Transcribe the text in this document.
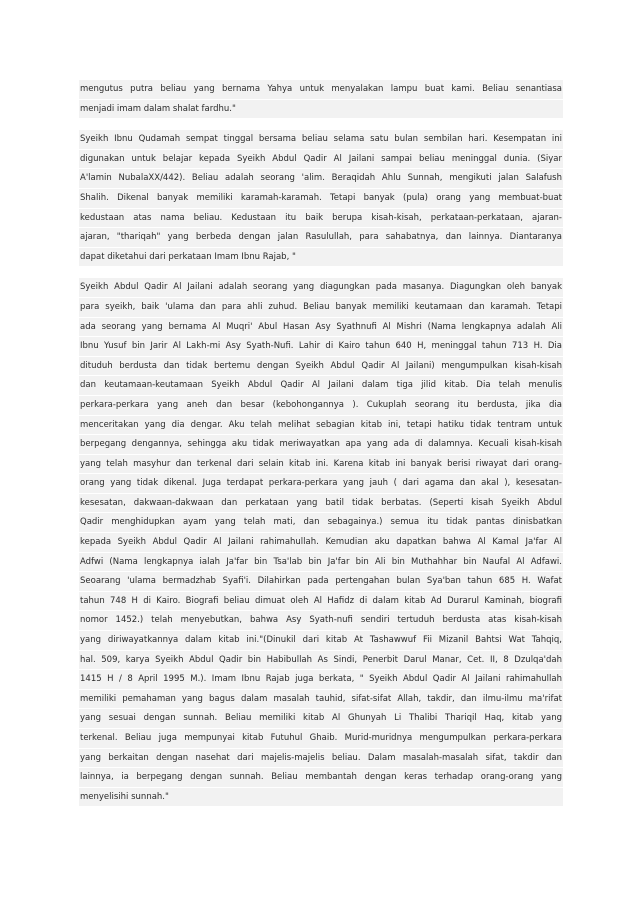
mengutus putra beliau yang bernama Yahya untuk menyalakan lampu buat kami. Beliau senantiasa
menjadi imam dalam shalat fardhu."
Syeikh Ibnu Qudamah sempat tinggal bersama beliau selama satu bulan sembilan hari. Kesempatan ini
digunakan untuk belajar kepada Syeikh Abdul Qadir Al Jailani sampai beliau meninggal dunia. (Siyar
A'lamin NubalaXX/442). Beliau adalah seorang 'alim. Beraqidah Ahlu Sunnah, mengikuti jalan Salafush
Shalih. Dikenal banyak memiliki karamah-karamah. Tetapi banyak (pula) orang yang membuat-buat
kedustaan atas nama beliau. Kedustaan itu baik berupa kisah-kisah, perkataan-perkataan, ajaran-
ajaran, "thariqah" yang berbeda dengan jalan Rasulullah, para sahabatnya, dan lainnya. Diantaranya
dapat diketahui dari perkataan Imam Ibnu Rajab, "
Syeikh Abdul Qadir Al Jailani adalah seorang yang diagungkan pada masanya. Diagungkan oleh banyak
para syeikh, baik 'ulama dan para ahli zuhud. Beliau banyak memiliki keutamaan dan karamah. Tetapi
ada seorang yang bernama Al Muqri' Abul Hasan Asy Syathnufi Al Mishri (Nama lengkapnya adalah Ali
Ibnu Yusuf bin Jarir Al Lakh-mi Asy Syath-Nufi. Lahir di Kairo tahun 640 H, meninggal tahun 713 H. Dia
dituduh berdusta dan tidak bertemu dengan Syeikh Abdul Qadir Al Jailani) mengumpulkan kisah-kisah
dan keutamaan-keutamaan Syeikh Abdul Qadir Al Jailani dalam tiga jilid kitab. Dia telah menulis
perkara-perkara yang aneh dan besar (kebohongannya ). Cukuplah seorang itu berdusta, jika dia
menceritakan yang dia dengar. Aku telah melihat sebagian kitab ini, tetapi hatiku tidak tentram untuk
berpegang dengannya, sehingga aku tidak meriwayatkan apa yang ada di dalamnya. Kecuali kisah-kisah
yang telah masyhur dan terkenal dari selain kitab ini. Karena kitab ini banyak berisi riwayat dari orang-
orang yang tidak dikenal. Juga terdapat perkara-perkara yang jauh ( dari agama dan akal ), kesesatan-
kesesatan, dakwaan-dakwaan dan perkataan yang batil tidak berbatas. (Seperti kisah Syeikh Abdul
Qadir menghidupkan ayam yang telah mati, dan sebagainya.) semua itu tidak pantas dinisbatkan
kepada Syeikh Abdul Qadir Al Jailani rahimahullah. Kemudian aku dapatkan bahwa Al Kamal Ja'far Al
Adfwi (Nama lengkapnya ialah Ja'far bin Tsa'lab bin Ja'far bin Ali bin Muthahhar bin Naufal Al Adfawi.
Seoarang 'ulama bermadzhab Syafi'i. Dilahirkan pada pertengahan bulan Sya'ban tahun 685 H. Wafat
tahun 748 H di Kairo. Biografi beliau dimuat oleh Al Hafidz di dalam kitab Ad Durarul Kaminah, biografi
nomor 1452.) telah menyebutkan, bahwa Asy Syath-nufi sendiri tertuduh berdusta atas kisah-kisah
yang diriwayatkannya dalam kitab ini."(Dinukil dari kitab At Tashawwuf Fii Mizanil Bahtsi Wat Tahqiq,
hal. 509, karya Syeikh Abdul Qadir bin Habibullah As Sindi, Penerbit Darul Manar, Cet. II, 8 Dzulqa'dah
1415 H / 8 April 1995 M.). Imam Ibnu Rajab juga berkata, " Syeikh Abdul Qadir Al Jailani rahimahullah
memiliki pemahaman yang bagus dalam masalah tauhid, sifat-sifat Allah, takdir, dan ilmu-ilmu ma'rifat
yang sesuai dengan sunnah. Beliau memiliki kitab Al Ghunyah Li Thalibi Thariqil Haq, kitab yang
terkenal. Beliau juga mempunyai kitab Futuhul Ghaib. Murid-muridnya mengumpulkan perkara-perkara
yang berkaitan dengan nasehat dari majelis-majelis beliau. Dalam masalah-masalah sifat, takdir dan
lainnya, ia berpegang dengan sunnah. Beliau membantah dengan keras terhadap orang-orang yang
menyelisihi sunnah."
